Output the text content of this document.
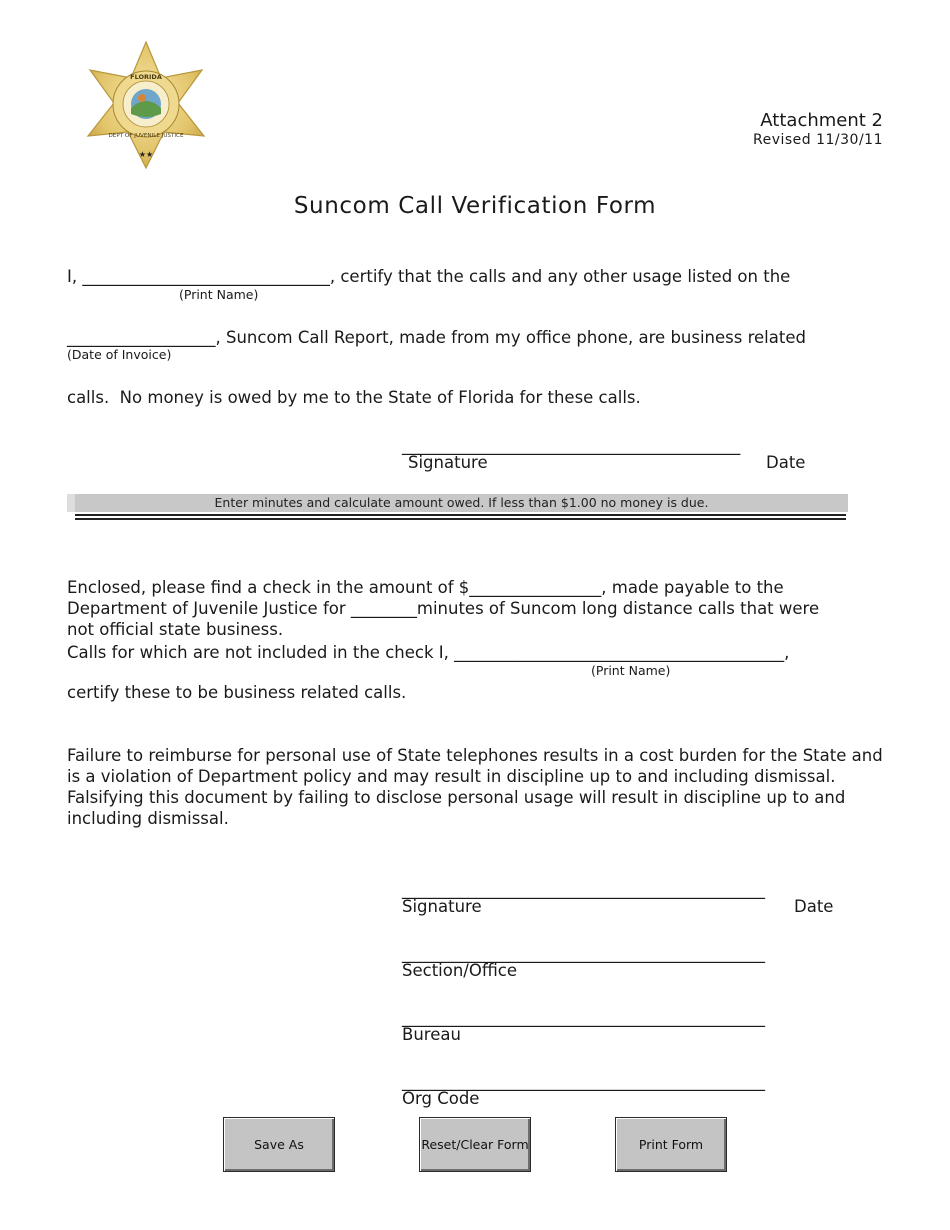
FLORIDA
DEPT OF JUVENILE JUSTICE
★★
Attachment 2
Revised 11/30/11
Suncom Call Verification Form
I, ______________________________, certify that the calls and any other usage listed on the
(Print Name)
__________________, Suncom Call Report, made from my office phone, are business related
(Date of Invoice)
calls.  No money is owed by me to the State of Florida for these calls.
_________________________________________
Signature	Date
Enter minutes and calculate amount owed. If less than $1.00 no money is due.

Enclosed, please find a check in the amount of $________________, made payable to the
Department of Juvenile Justice for ________minutes of Suncom long distance calls that were
not official state business.
Calls for which are not included in the check I, ________________________________________,
(Print Name)
certify these to be business related calls.

Failure to reimburse for personal use of State telephones results in a cost burden for the State and
is a violation of Department policy and may result in discipline up to and including dismissal.
Falsifying this document by failing to disclose personal usage will result in discipline up to and
including dismissal.
____________________________________________
Signature	Date
____________________________________________
Section/Office
____________________________________________
Bureau
____________________________________________
Org Code
Save As	Reset/Clear Form	Print Form
